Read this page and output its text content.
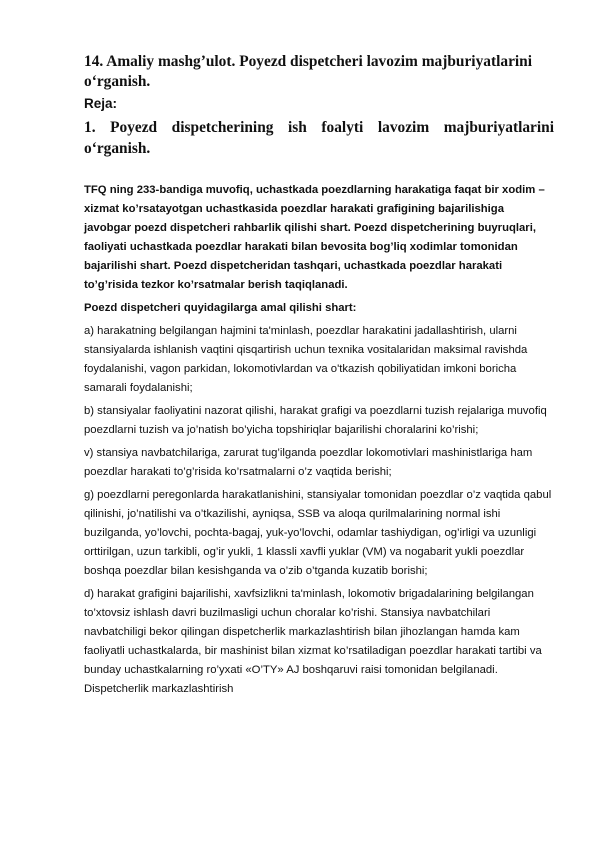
14. Amaliy mashg’ulot. Poyezd dispetcheri lavozim majburiyatlarini o‘rganish.

Reja:

1. Poyezd dispetcherining ish foalyti lavozim majburiyatlarini o‘rganish.

TFQ ning 233-bandiga muvofiq, uchastkada poezdlarning harakatiga faqat bir xodim – xizmat ko’rsatayotgan uchastkasida poezdlar harakati grafigining bajarilishiga javobgar poezd dispetcheri rahbarlik qilishi shart. Poezd dispetcherining buyruqlari, faoliyati uchastkada poezdlar harakati bilan bevosita bog’liq xodimlar tomonidan bajarilishi shart. Poezd dispetcheridan tashqari, uchastkada poezdlar harakati to’g’risida tezkor ko’rsatmalar berish taqiqlanadi.

Poezd dispetcheri quyidagilarga amal qilishi shart:

a) harakatning belgilangan hajmini ta'minlash, poezdlar harakatini jadallashtirish, ularni stansiyalarda ishlanish vaqtini qisqartirish uchun texnika vositalaridan maksimal ravishda foydalanishi, vagon parkidan, lokomotivlardan va o'tkazish qobiliyatidan imkoni boricha samarali foydalanishi;

b) stansiyalar faoliyatini nazorat qilishi, harakat grafigi va poezdlarni tuzish rejalariga muvofiq poezdlarni tuzish va jo’natish bo’yicha topshiriqlar bajarilishi choralarini ko’rishi;

v) stansiya navbatchilariga, zarurat tug’ilganda poezdlar lokomotivlari mashinistlariga ham poezdlar harakati to’g’risida ko’rsatmalarni o’z vaqtida berishi;

g) poezdlarni peregonlarda harakatlanishini, stansiyalar tomonidan poezdlar o’z vaqtida qabul qilinishi, jo’natilishi va o’tkazilishi, ayniqsa, SSB va aloqa qurilmalarining normal ishi buzilganda, yo’lovchi, pochta-bagaj, yuk-yo’lovchi, odamlar tashiydigan, og’irligi va uzunligi orttirilgan, uzun tarkibli, og’ir yukli, 1 klassli xavfli yuklar (VM) va nogabarit yukli poezdlar boshqa poezdlar bilan kesishganda va o’zib o’tganda kuzatib borishi;

d) harakat grafigini bajarilishi, xavfsizlikni ta'minlash, lokomotiv brigadalarining belgilangan to’xtovsiz ishlash davri buzilmasligi uchun choralar ko’rishi. Stansiya navbatchilari navbatchiligi bekor qilingan dispetcherlik markazlashtirish bilan jihozlangan hamda kam faoliyatli uchastkalarda, bir mashinist bilan xizmat ko’rsatiladigan poezdlar harakati tartibi va bunday uchastkalarning ro’yxati «O’TY» AJ boshqaruvi raisi tomonidan belgilanadi. Dispetcherlik markazlashtirish
